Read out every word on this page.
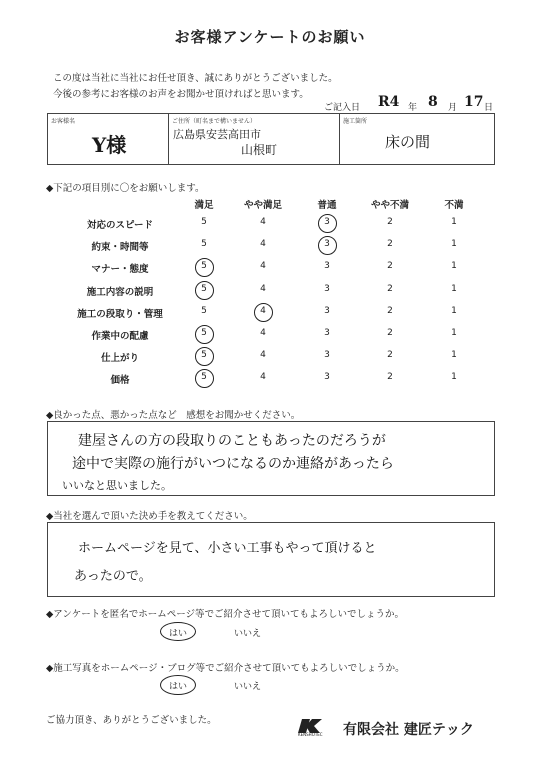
お客様アンケートのお願い
この度は当社に当社にお任せ頂き、誠にありがとうございました。
今後の参考にお客様のお声をお聞かせ頂ければと思います。
ご記入日 R4 年 8 月 17 日
お客様名
Y様
ご住所（町名まで構いません）
広島県安芸高田市
山根町
施工箇所
床の間
◆下記の項目別に〇をお願いします。
満足	やや満足	普通	やや不満	不満
対応のスピード	5	4	3	2	1
約束・時間等	5	4	3	2	1
マナー・態度	5	4	3	2	1
施工内容の説明	5	4	3	2	1
施工の段取り・管理	5	4	3	2	1
作業中の配慮	5	4	3	2	1
仕上がり	5	4	3	2	1
価格	5	4	3	2	1
◆良かった点、悪かった点など　感想をお聞かせください。
建屋さんの方の段取りのこともあったのだろうが
途中で実際の施行がいつになるのか連絡があったら
いいなと思いました。
◆当社を選んで頂いた決め手を教えてください。
ホームページを見て、小さい工事もやって頂けると
あったので。
◆アンケートを匿名でホームページ等でご紹介させて頂いてもよろしいでしょうか。
はい	いいえ
◆施工写真をホームページ・ブログ等でご紹介させて頂いてもよろしいでしょうか。
はい	いいえ
ご協力頂き、ありがとうございました。	K
KENSHOTEC 有限会社 建匠テック
